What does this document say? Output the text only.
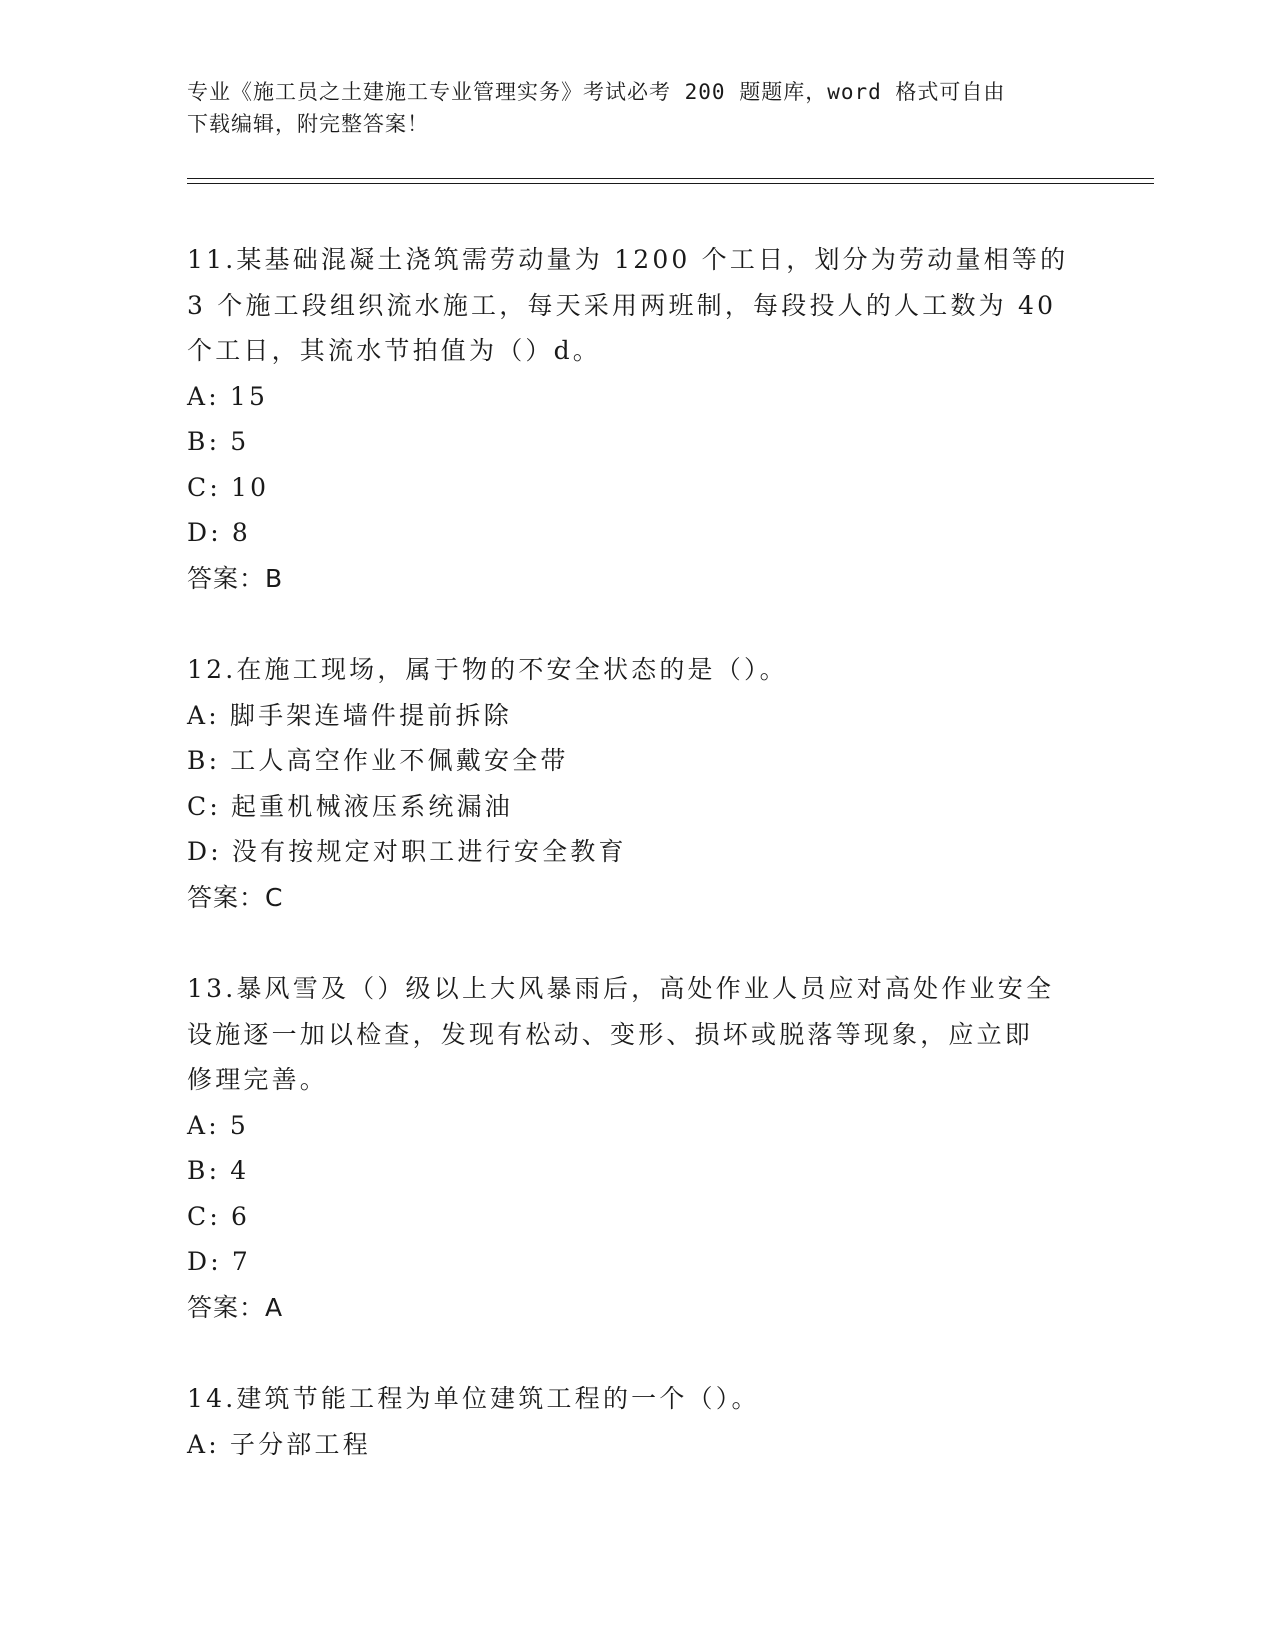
专业《施工员之土建施工专业管理实务》考试必考 200 题题库，word 格式可自由
下载编辑，附完整答案！

11.某基础混凝土浇筑需劳动量为 1200 个工日，划分为劳动量相等的

3 个施工段组织流水施工，每天采用两班制，每段投人的人工数为 40

个工日，其流水节拍值为（）d。

A: 15
B: 5
C: 10
D: 8

答案：B

12.在施工现场，属于物的不安全状态的是（）。

A: 脚手架连墙件提前拆除
B: 工人高空作业不佩戴安全带
C: 起重机械液压系统漏油
D: 没有按规定对职工进行安全教育

答案：C

13.暴风雪及（）级以上大风暴雨后，高处作业人员应对高处作业安全

设施逐一加以检查，发现有松动、变形、损坏或脱落等现象，应立即

修理完善。

A: 5
B: 4
C: 6
D: 7

答案：A

14.建筑节能工程为单位建筑工程的一个（）。

A: 子分部工程
